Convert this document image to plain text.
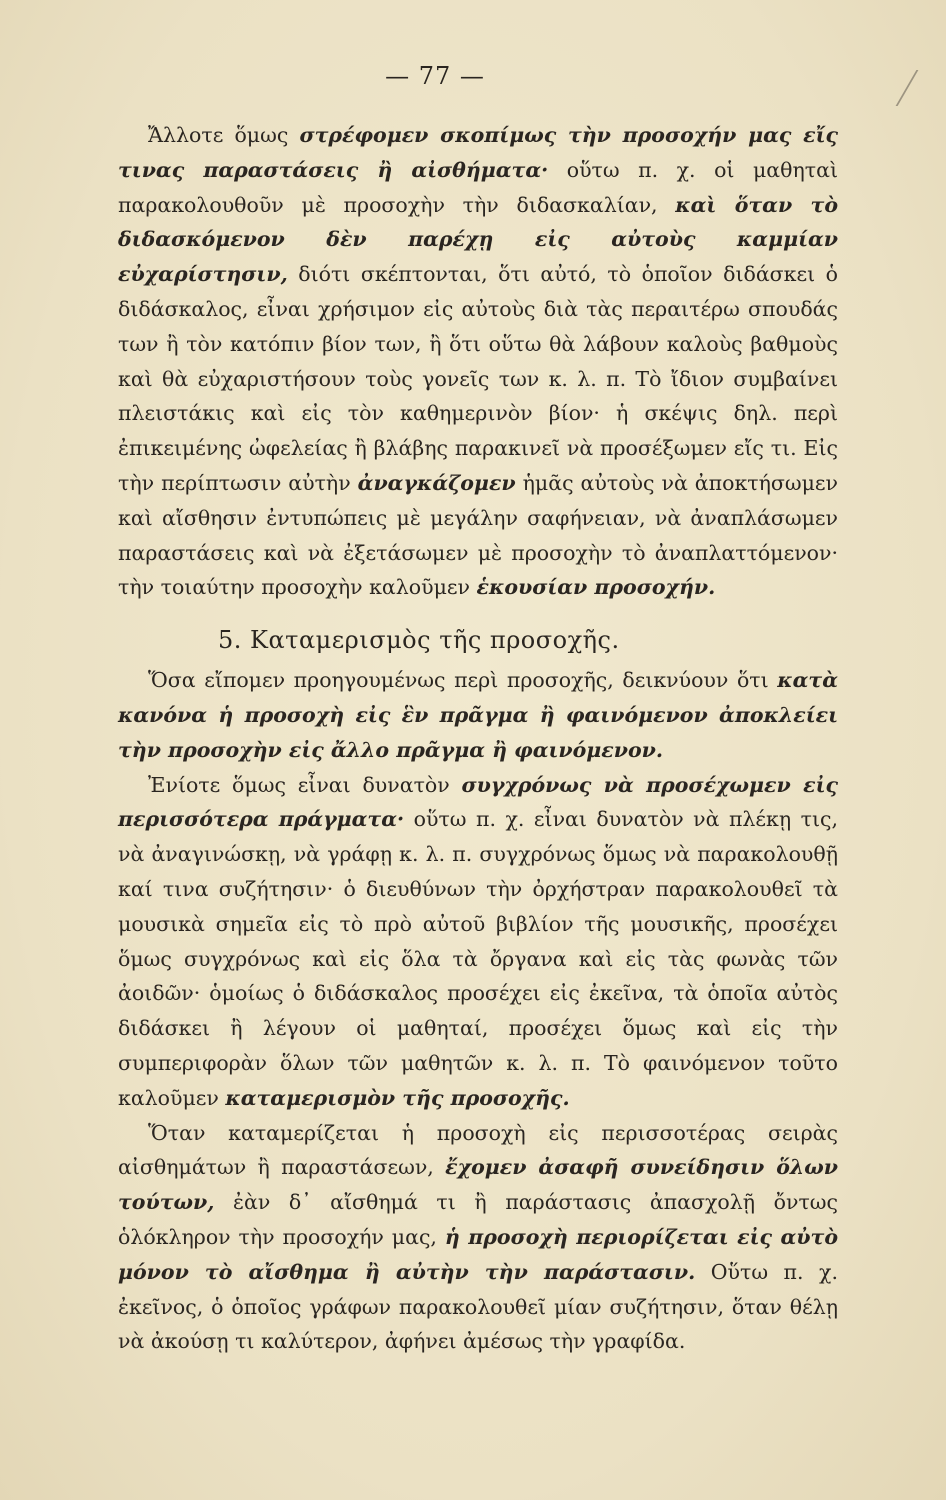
— 77 —

Ἄλλοτε ὅμως στρέφομεν σκοπίμως τὴν προσοχήν μας εἴς τινας παραστάσεις ἢ αἰσθήματα· οὕτω π. χ. οἱ μαθηταὶ παρακολουθοῦν μὲ προσοχὴν τὴν διδασκαλίαν, καὶ ὅταν τὸ διδασκόμενον δὲν παρέχῃ εἰς αὐτοὺς καμμίαν εὐχαρίστησιν, διότι σκέπτονται, ὅτι αὐτό, τὸ ὁποῖον διδάσκει ὁ διδάσκαλος, εἶναι χρήσιμον εἰς αὐτοὺς διὰ τὰς περαιτέρω σπουδάς των ἢ τὸν κατόπιν βίον των, ἢ ὅτι οὕτω θὰ λάβουν καλοὺς βαθμοὺς καὶ θὰ εὐχαριστήσουν τοὺς γονεῖς των κ. λ. π. Τὸ ἴδιον συμβαίνει πλειστάκις καὶ εἰς τὸν καθημερινὸν βίον· ἡ σκέψις δηλ. περὶ ἐπικειμένης ὠφελείας ἢ βλάβης παρακινεῖ νὰ προσέξωμεν εἴς τι. Εἰς τὴν περίπτωσιν αὐτὴν ἀναγκάζομεν ἡμᾶς αὐτοὺς νὰ ἀποκτήσωμεν καὶ αἴσθησιν ἐντυπώπεις μὲ μεγάλην σαφήνειαν, νὰ ἀναπλάσωμεν παραστάσεις καὶ νὰ ἐξετάσωμεν μὲ προσοχὴν τὸ ἀναπλαττόμενον· τὴν τοιαύτην προσοχὴν καλοῦμεν ἑκουσίαν προσοχήν.

5. Καταμερισμὸς τῆς προσοχῆς.

Ὅσα εἴπομεν προηγουμένως περὶ προσοχῆς, δεικνύουν ὅτι κατὰ κανόνα ἡ προσοχὴ εἰς ἓν πρᾶγμα ἢ φαινόμενον ἀποκλείει τὴν προσοχὴν εἰς ἄλλο πρᾶγμα ἢ φαινόμενον.

Ἐνίοτε ὅμως εἶναι δυνατὸν συγχρόνως νὰ προσέχωμεν εἰς περισσότερα πράγματα· οὕτω π. χ. εἶναι δυνατὸν νὰ πλέκῃ τις, νὰ ἀναγινώσκῃ, νὰ γράφῃ κ. λ. π. συγχρόνως ὅμως νὰ παρακολουθῇ καί τινα συζήτησιν· ὁ διευθύνων τὴν ὀρχήστραν παρακολουθεῖ τὰ μουσικὰ σημεῖα εἰς τὸ πρὸ αὐτοῦ βιβλίον τῆς μουσικῆς, προσέχει ὅμως συγχρόνως καὶ εἰς ὅλα τὰ ὄργανα καὶ εἰς τὰς φωνὰς τῶν ἀοιδῶν· ὁμοίως ὁ διδάσκαλος προσέχει εἰς ἐκεῖνα, τὰ ὁποῖα αὐτὸς διδάσκει ἢ λέγουν οἱ μαθηταί, προσέχει ὅμως καὶ εἰς τὴν συμπεριφορὰν ὅλων τῶν μαθητῶν κ. λ. π. Τὸ φαινόμενον τοῦτο καλοῦμεν καταμερισμὸν τῆς προσοχῆς.

Ὅταν καταμερίζεται ἡ προσοχὴ εἰς περισσοτέρας σειρὰς αἰσθημάτων ἢ παραστάσεων, ἔχομεν ἀσαφῆ συνείδησιν ὅλων τούτων, ἐὰν δ᾿ αἴσθημά τι ἢ παράστασις ἀπασχολῇ ὄντως ὁλόκληρον τὴν προσοχήν μας, ἡ προσοχὴ περιορίζεται εἰς αὐτὸ μόνον τὸ αἴσθημα ἢ αὐτὴν τὴν παράστασιν. Οὕτω π. χ. ἐκεῖνος, ὁ ὁποῖος γράφων παρακολουθεῖ μίαν συζήτησιν, ὅταν θέλῃ νὰ ἀκούσῃ τι καλύτερον, ἀφήνει ἀμέσως τὴν γραφίδα.
